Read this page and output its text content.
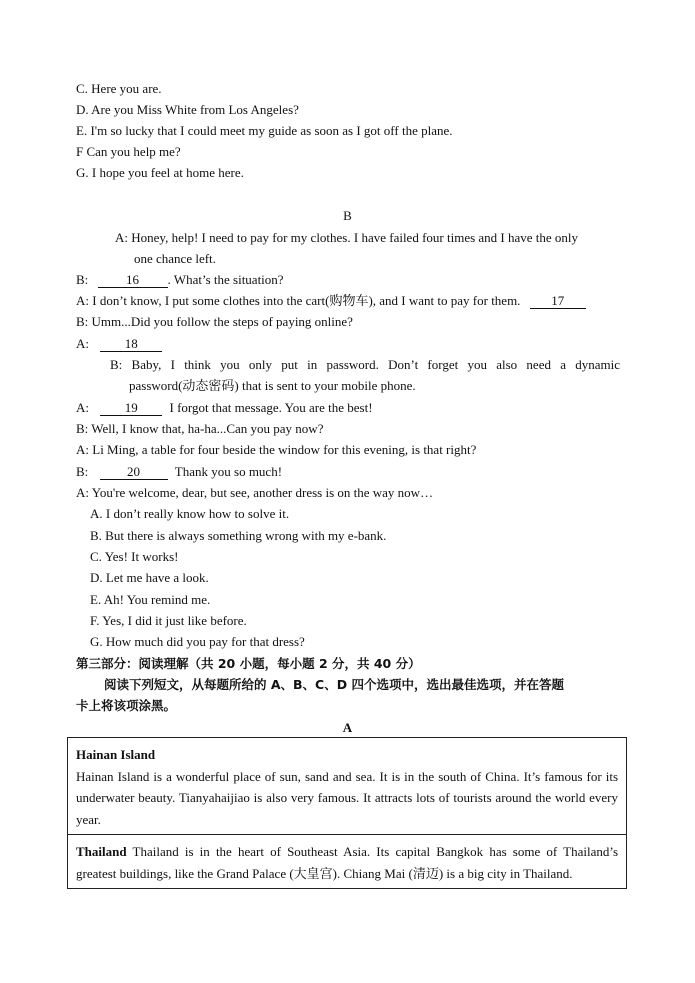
C. Here you are.
D. Are you Miss White from Los Angeles?
E. I'm so lucky that I could meet my guide as soon as I got off the plane.
F Can you help me?
G. I hope you feel at home here.
B
A: Honey, help! I need to pay for my clothes. I have failed four times and I have the only
one chance left.
B:	16 . What’s the situation?
A: I don’t know, I put some clothes into the cart(购物车), and I want to pay for them. 17
B: Umm...Did you follow the steps of paying online?
A:	18
B: Baby, I think you only put in password. Don’t forget you also need a dynamic
password(动态密码) that is sent to your mobile phone.
A:	19 I forgot that message. You are the best!
B: Well, I know that, ha-ha...Can you pay now?
A: Li Ming, a table for four beside the window for this evening, is that right?
B:	20	Thank you so much!
A: You're welcome, dear, but see, another dress is on the way now…
A. I don’t really know how to solve it.
B. But there is always something wrong with my e-bank.
C. Yes! It works!
D. Let me have a look.
E. Ah! You remind me.
F. Yes, I did it just like before.
G. How much did you pay for that dress?
第三部分：阅读理解（共 20 小题，每小题 2 分，共 40 分）
阅读下列短文，从每题所给的 A、B、C、D 四个选项中，选出最佳选项，并在答题
卡上将该项涂黑。
A
Hainan Island
Hainan Island is a wonderful place of sun, sand and sea. It is in the south of China. It’s famous for its underwater beauty. Tianyahaijiao is also very famous. It attracts lots of tourists around the world every year.
Thailand Thailand is in the heart of Southeast Asia. Its capital Bangkok has some of Thailand’s greatest buildings, like the Grand Palace (大皇宫). Chiang Mai (清迈) is a big city in Thailand.
